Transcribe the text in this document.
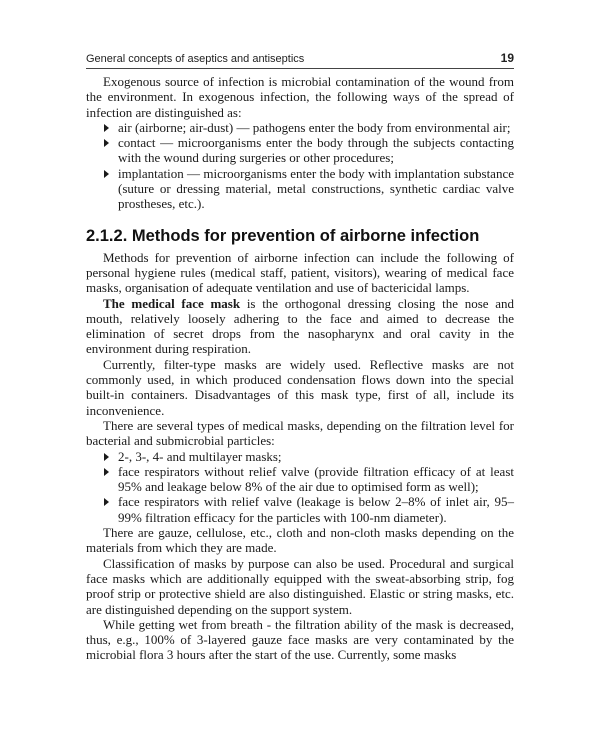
General concepts of aseptics and antiseptics	19

Exogenous source of infection is microbial contamination of the wound from the environment. In exogenous infection, the following ways of the spread of infection are distinguished as:

air (airborne; air-dust) — pathogens enter the body from environmental air;
contact — microorganisms enter the body through the subjects contacting with the wound during surgeries or other procedures;
implantation — microorganisms enter the body with implantation substance (suture or dressing material, metal constructions, synthetic cardiac valve prostheses, etc.).
2.1.2. Methods for prevention of airborne infection

Methods for prevention of airborne infection can include the following of personal hygiene rules (medical staff, patient, visitors), wearing of medical face masks, organisation of adequate ventilation and use of bactericidal lamps.

The medical face mask is the orthogonal dressing closing the nose and mouth, relatively loosely adhering to the face and aimed to decrease the elimination of secret drops from the nasopharynx and oral cavity in the environment during respiration.

Currently, filter-type masks are widely used. Reflective masks are not commonly used, in which produced condensation flows down into the special built-in containers. Disadvantages of this mask type, first of all, include its inconvenience.

There are several types of medical masks, depending on the filtration level for bacterial and submicrobial particles:

2-, 3-, 4- and multilayer masks;
face respirators without relief valve (provide filtration efficacy of at least 95% and leakage below 8% of the air due to optimised form as well);
face respirators with relief valve (leakage is below 2–8% of inlet air, 95–99% filtration efficacy for the particles with 100-nm diameter).

There are gauze, cellulose, etc., cloth and non-cloth masks depending on the materials from which they are made.

Classification of masks by purpose can also be used. Procedural and surgical face masks which are additionally equipped with the sweat-absorbing strip, fog proof strip or protective shield are also distinguished. Elastic or string masks, etc. are distinguished depending on the support system.

While getting wet from breath - the filtration ability of the mask is decreased, thus, e.g., 100% of 3-layered gauze face masks are very contaminated by the microbial flora 3 hours after the start of the use. Currently, some masks
